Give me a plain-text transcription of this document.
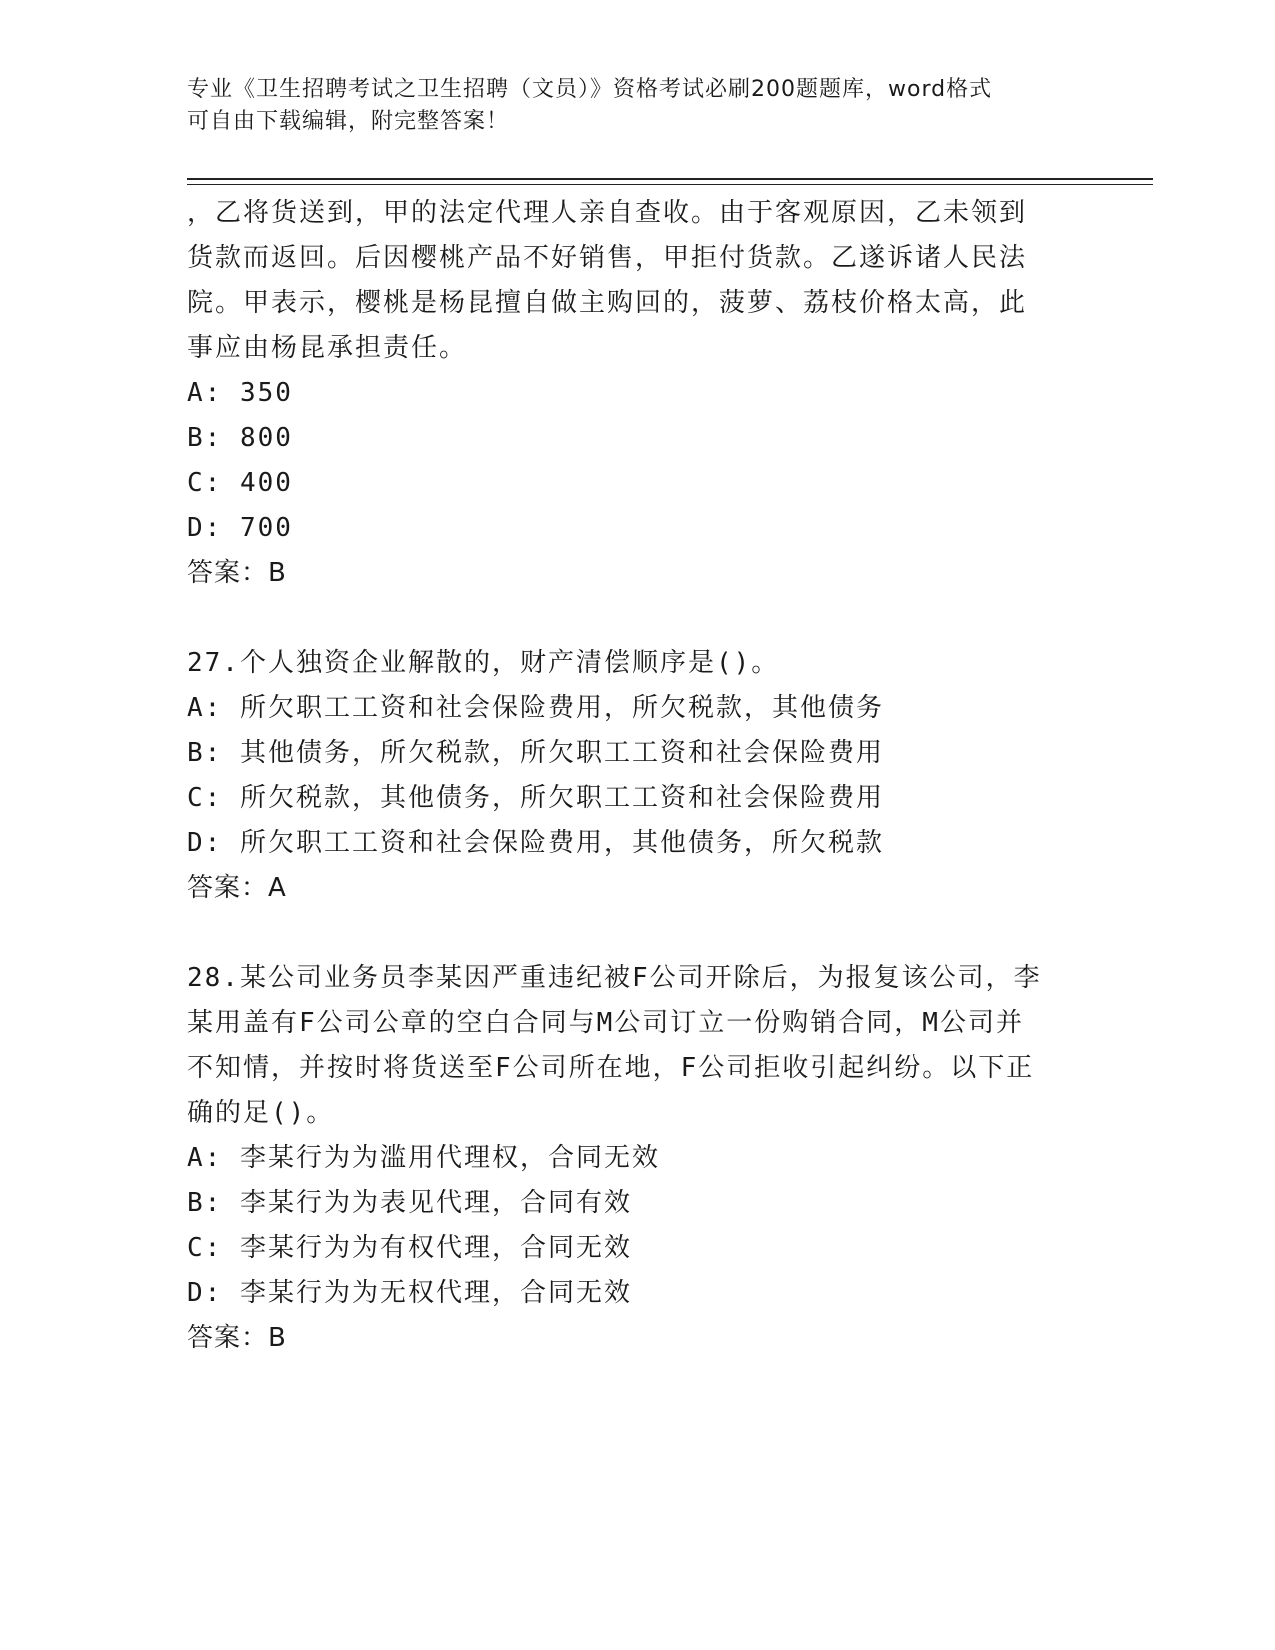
专业《卫生招聘考试之卫生招聘（文员）》资格考试必刷200题题库，word格式

可自由下载编辑，附完整答案！

，乙将货送到，甲的法定代理人亲自查收。由于客观原因，乙未领到

货款而返回。后因樱桃产品不好销售，甲拒付货款。乙遂诉诸人民法

院。甲表示，樱桃是杨昆擅自做主购回的，菠萝、荔枝价格太高，此

事应由杨昆承担责任。

A: 350

B: 800

C: 400

D: 700

答案：B

27.个人独资企业解散的，财产清偿顺序是()。

A: 所欠职工工资和社会保险费用，所欠税款，其他债务

B: 其他债务，所欠税款，所欠职工工资和社会保险费用

C: 所欠税款，其他债务，所欠职工工资和社会保险费用

D: 所欠职工工资和社会保险费用，其他债务，所欠税款

答案：A

28.某公司业务员李某因严重违纪被F公司开除后，为报复该公司，李

某用盖有F公司公章的空白合同与M公司订立一份购销合同，M公司并

不知情，并按时将货送至F公司所在地，F公司拒收引起纠纷。以下正

确的足()。

A: 李某行为为滥用代理权，合同无效

B: 李某行为为表见代理，合同有效

C: 李某行为为有权代理，合同无效

D: 李某行为为无权代理，合同无效

答案：B
